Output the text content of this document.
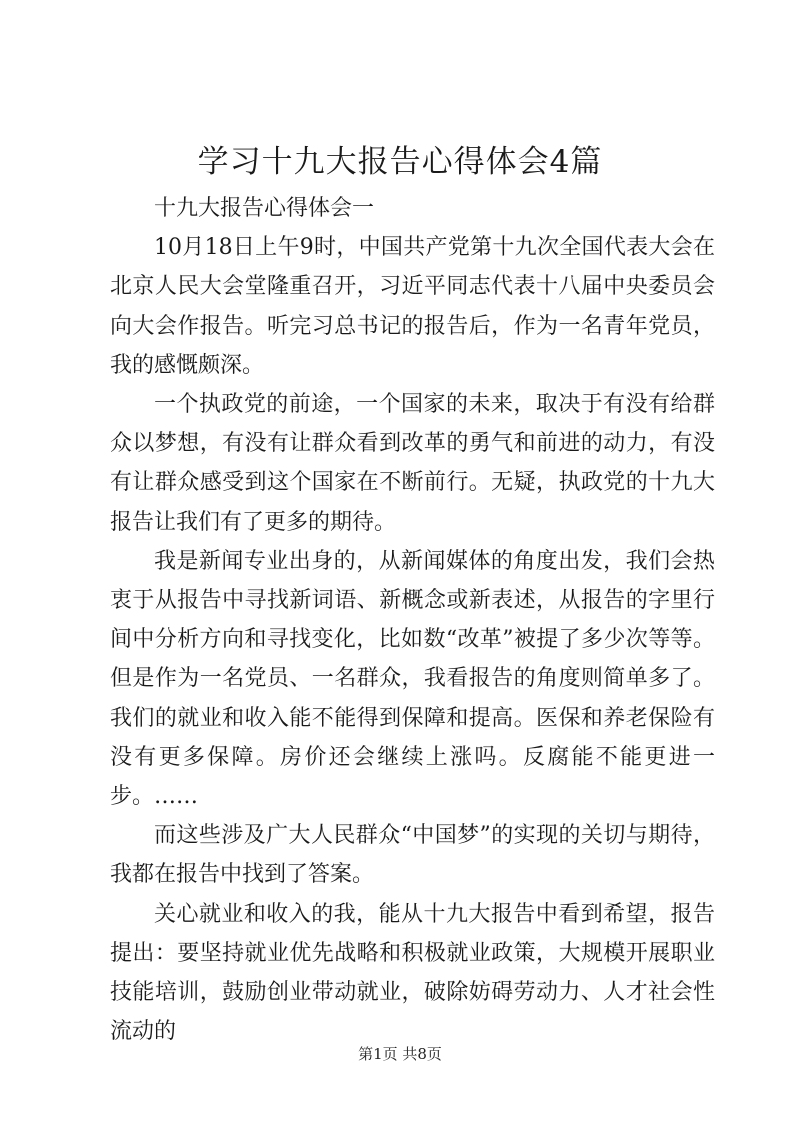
学习十九大报告心得体会4篇

十九大报告心得体会一

10月18日上午9时，中国共产党第十九次全国代表大会在北京人民大会堂隆重召开，习近平同志代表十八届中央委员会向大会作报告。听完习总书记的报告后，作为一名青年党员，我的感慨颇深。

一个执政党的前途，一个国家的未来，取决于有没有给群众以梦想，有没有让群众看到改革的勇气和前进的动力，有没有让群众感受到这个国家在不断前行。无疑，执政党的十九大报告让我们有了更多的期待。

我是新闻专业出身的，从新闻媒体的角度出发，我们会热衷于从报告中寻找新词语、新概念或新表述，从报告的字里行间中分析方向和寻找变化，比如数“改革”被提了多少次等等。但是作为一名党员、一名群众，我看报告的角度则简单多了。我们的就业和收入能不能得到保障和提高。医保和养老保险有没有更多保障。房价还会继续上涨吗。反腐能不能更进一步。……

而这些涉及广大人民群众“中国梦”的实现的关切与期待，我都在报告中找到了答案。

关心就业和收入的我，能从十九大报告中看到希望，报告提出：要坚持就业优先战略和积极就业政策，大规模开展职业技能培训，鼓励创业带动就业，破除妨碍劳动力、人才社会性流动的

第1页 共8页
